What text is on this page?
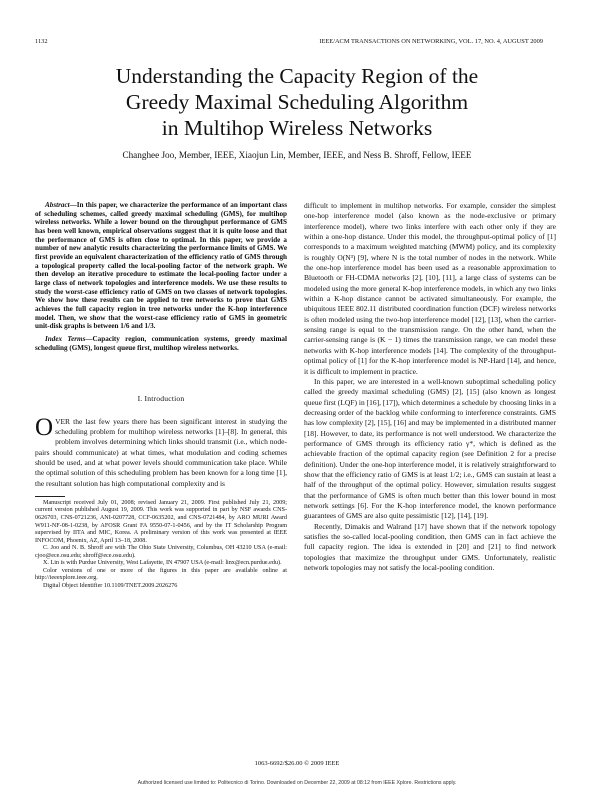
1132	IEEE/ACM TRANSACTIONS ON NETWORKING, VOL. 17, NO. 4, AUGUST 2009
Understanding the Capacity Region of the
Greedy Maximal Scheduling Algorithm
in Multihop Wireless Networks
Changhee Joo, Member, IEEE, Xiaojun Lin, Member, IEEE, and Ness B. Shroff, Fellow, IEEE

Abstract—In this paper, we characterize the performance of an important class of scheduling schemes, called greedy maximal scheduling (GMS), for multihop wireless networks. While a lower bound on the throughput performance of GMS has been well known, empirical observations suggest that it is quite loose and that the performance of GMS is often close to optimal. In this paper, we provide a number of new analytic results characterizing the performance limits of GMS. We first provide an equivalent characterization of the efficiency ratio of GMS through a topological property called the local-pooling factor of the network graph. We then develop an iterative procedure to estimate the local-pooling factor under a large class of network topologies and interference models. We use these results to study the worst-case efficiency ratio of GMS on two classes of network topologies. We show how these results can be applied to tree networks to prove that GMS achieves the full capacity region in tree networks under the K-hop interference model. Then, we show that the worst-case efficiency ratio of GMS in geometric unit-disk graphs is between 1/6 and 1/3.

Index Terms—Capacity region, communication systems, greedy maximal scheduling (GMS), longest queue first, multihop wireless networks.

I. Introduction

OVER the last few years there has been significant interest in studying the scheduling problem for multihop wireless networks [1]–[8]. In general, this problem involves determining which links should transmit (i.e., which node-pairs should communicate) at what times, what modulation and coding schemes should be used, and at what power levels should communication take place. While the optimal solution of this scheduling problem has been known for a long time [1], the resultant solution has high computational complexity and is

Manuscript received July 01, 2008; revised January 21, 2009. First published July 21, 2009; current version published August 19, 2009. This work was supported in part by NSF awards CNS-0626703, CNS-0721236, ANI-0207728, CCF-0635202, and CNS-0721484, by ARO MURI Award W911-NF-08-1-0238, by AFOSR Grant FA 9550-07-1-0456, and by the IT Scholarship Program supervised by IITA and MIC, Korea. A preliminary version of this work was presented at IEEE INFOCOM, Phoenix, AZ, April 13–18, 2008.

C. Joo and N. B. Shroff are with The Ohio State University, Columbus, OH 43210 USA (e-mail: cjoo@ece.osu.edu; shroff@ece.osu.edu).

X. Lin is with Purdue University, West Lafayette, IN 47907 USA (e-mail: linx@ecn.purdue.edu).

Color versions of one or more of the figures in this paper are available online at http://ieeexplore.ieee.org.

Digital Object Identifier 10.1109/TNET.2009.2026276

difficult to implement in multihop networks. For example, consider the simplest one-hop interference model (also known as the node-exclusive or primary interference model), where two links interfere with each other only if they are within a one-hop distance. Under this model, the throughput-optimal policy of [1] corresponds to a maximum weighted matching (MWM) policy, and its complexity is roughly O(N³) [9], where N is the total number of nodes in the network. While the one-hop interference model has been used as a reasonable approximation to Bluetooth or FH-CDMA networks [2], [10], [11], a large class of systems can be modeled using the more general K-hop interference models, in which any two links within a K-hop distance cannot be activated simultaneously. For example, the ubiquitous IEEE 802.11 distributed coordination function (DCF) wireless networks is often modeled using the two-hop interference model [12], [13], when the carrier-sensing range is equal to the transmission range. On the other hand, when the carrier-sensing range is (K − 1) times the transmission range, we can model these networks with K-hop interference models [14]. The complexity of the throughput-optimal policy of [1] for the K-hop interference model is NP-Hard [14], and hence, it is difficult to implement in practice.

In this paper, we are interested in a well-known suboptimal scheduling policy called the greedy maximal scheduling (GMS) [2], [15] (also known as longest queue first (LQF) in [16], [17]), which determines a schedule by choosing links in a decreasing order of the backlog while conforming to interference constraints. GMS has low complexity [2], [15], [16] and may be implemented in a distributed manner [18]. However, to date, its performance is not well understood. We characterize the performance of GMS through its efficiency ratio γ*, which is defined as the achievable fraction of the optimal capacity region (see Definition 2 for a precise definition). Under the one-hop interference model, it is relatively straightforward to show that the efficiency ratio of GMS is at least 1/2; i.e., GMS can sustain at least a half of the throughput of the optimal policy. However, simulation results suggest that the performance of GMS is often much better than this lower bound in most network settings [6]. For the K-hop interference model, the known performance guarantees of GMS are also quite pessimistic [12], [14], [19].

Recently, Dimakis and Walrand [17] have shown that if the network topology satisfies the so-called local-pooling condition, then GMS can in fact achieve the full capacity region. The idea is extended in [20] and [21] to find network topologies that maximize the throughput under GMS. Unfortunately, realistic network topologies may not satisfy the local-pooling condition.

1063-6692/$26.00 © 2009 IEEE
Authorized licensed use limited to: Politecnico di Torino. Downloaded on December 22, 2009 at 08:12 from IEEE Xplore. Restrictions apply.
